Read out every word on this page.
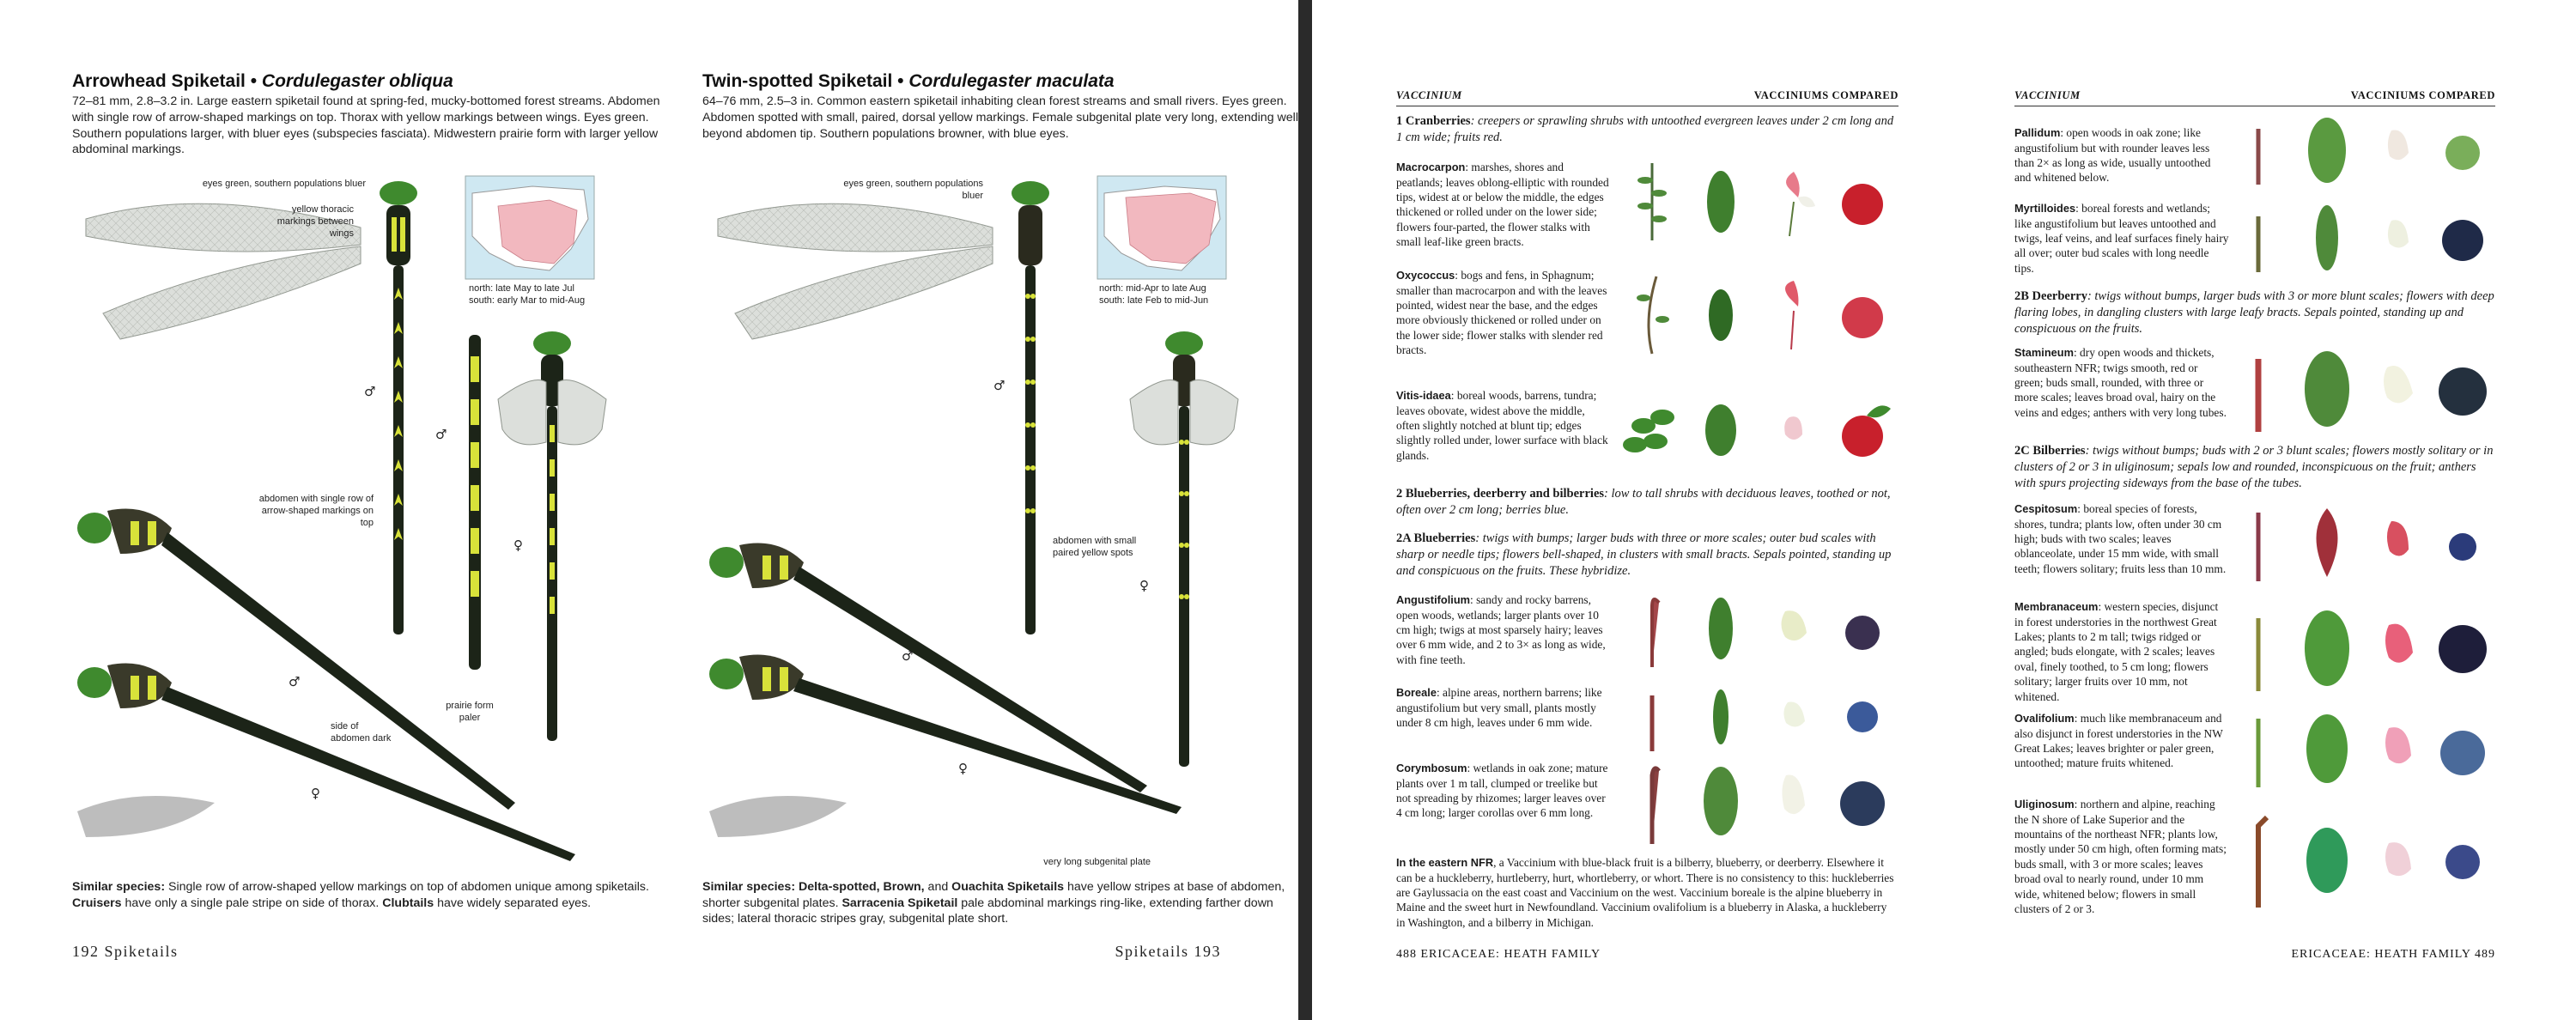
Arrowhead Spiketail • Cordulegaster obliqua
72–81 mm, 2.8–3.2 in. Large eastern spiketail found at spring-fed, mucky-bottomed forest streams. Abdomen with single row of arrow-shaped markings on top. Thorax with yellow markings between wings. Eyes green. Southern populations larger, with bluer eyes (subspecies fasciata). Midwestern prairie form with larger yellow abdominal markings.
Twin-spotted Spiketail • Cordulegaster maculata
64–76 mm, 2.5–3 in. Common eastern spiketail inhabiting clean forest streams and small rivers. Eyes green. Abdomen spotted with small, paired, dorsal yellow markings. Female subgenital plate very long, extending well beyond abdomen tip. Southern populations browner, with blue eyes.
eyes green, southern populations bluer
yellow thoracic markings between wings
north: late May to late Jul south: early Mar to mid-Aug
abdomen with single row of arrow-shaped markings on top
prairie form paler
side of abdomen dark
♂
♂
♀
♂
♀
eyes green, southern populations bluer
north: mid-Apr to late Aug south: late Feb to mid-Jun
abdomen with small paired yellow spots
very long subgenital plate
♂
♀
♂
♀
Similar species: Single row of arrow-shaped yellow markings on top of abdomen unique among spiketails. Cruisers have only a single pale stripe on side of thorax. Clubtails have widely separated eyes.
Similar species: Delta-spotted, Brown, and Ouachita Spiketails have yellow stripes at base of abdomen, shorter subgenital plates. Sarracenia Spiketail pale abdominal markings ring-like, extending farther down sides; lateral thoracic stripes gray, subgenital plate short.
192 Spiketails	Spiketails 193
VACCINIUM	VACCINIUMS COMPARED
1 Cranberries: creepers or sprawling shrubs with untoothed evergreen leaves under 2 cm long and 1 cm wide; fruits red.
Macrocarpon: marshes, shores and peatlands; leaves oblong-elliptic with rounded tips, widest at or below the middle, the edges thickened or rolled under on the lower side; flowers four-parted, the flower stalks with small leaf-like green bracts.
Oxycoccus: bogs and fens, in Sphagnum; smaller than macrocarpon and with the leaves pointed, widest near the base, and the edges more obviously thickened or rolled under on the lower side; flower stalks with slender red bracts.
Vitis-idaea: boreal woods, barrens, tundra; leaves obovate, widest above the middle, often slightly notched at blunt tip; edges slightly rolled under, lower surface with black glands.
2 Blueberries, deerberry and bilberries: low to tall shrubs with deciduous leaves, toothed or not, often over 2 cm long; berries blue.
2A Blueberries: twigs with bumps; larger buds with three or more scales; outer bud scales with sharp or needle tips; flowers bell-shaped, in clusters with small bracts. Sepals pointed, standing up and conspicuous on the fruits. These hybridize.
Angustifolium: sandy and rocky barrens, open woods, wetlands; larger plants over 10 cm high; twigs at most sparsely hairy; leaves over 6 mm wide, and 2 to 3× as long as wide, with fine teeth.
Boreale: alpine areas, northern barrens; like angustifolium but very small, plants mostly under 8 cm high, leaves under 6 mm wide.
Corymbosum: wetlands in oak zone; mature plants over 1 m tall, clumped or treelike but not spreading by rhizomes; larger leaves over 4 cm long; larger corollas over 6 mm long.
In the eastern NFR, a Vaccinium with blue-black fruit is a bilberry, blueberry, or deerberry. Elsewhere it can be a huckleberry, hurtleberry, hurt, whortleberry, or whort. There is no consistency to this: huckleberries are Gaylussacia on the east coast and Vaccinium on the west. Vaccinium boreale is the alpine blueberry in Maine and the sweet hurt in Newfoundland. Vaccinium ovalifolium is a blueberry in Alaska, a huckleberry in Washington, and a bilberry in Michigan.
488 ERICACEAE: HEATH FAMILY
VACCINIUM	VACCINIUMS COMPARED
Pallidum: open woods in oak zone; like angustifolium but with rounder leaves less than 2× as long as wide, usually untoothed and whitened below.
Myrtilloides: boreal forests and wetlands; like angustifolium but leaves untoothed and twigs, leaf veins, and leaf surfaces finely hairy all over; outer bud scales with long needle tips.
2B Deerberry: twigs without bumps, larger buds with 3 or more blunt scales; flowers with deep flaring lobes, in dangling clusters with large leafy bracts. Sepals pointed, standing up and conspicuous on the fruits.
Stamineum: dry open woods and thickets, southeastern NFR; twigs smooth, red or green; buds small, rounded, with three or more scales; leaves broad oval, hairy on the veins and edges; anthers with very long tubes.
2C Bilberries: twigs without bumps; buds with 2 or 3 blunt scales; flowers mostly solitary or in clusters of 2 or 3 in uliginosum; sepals low and rounded, inconspicuous on the fruit; anthers with spurs projecting sideways from the base of the tubes.
Cespitosum: boreal species of forests, shores, tundra; plants low, often under 30 cm high; buds with two scales; leaves oblanceolate, under 15 mm wide, with small teeth; flowers solitary; fruits less than 10 mm.
Membranaceum: western species, disjunct in forest understories in the northwest Great Lakes; plants to 2 m tall; twigs ridged or angled; buds elongate, with 2 scales; leaves oval, finely toothed, to 5 cm long; flowers solitary; larger fruits over 10 mm, not whitened.
Ovalifolium: much like membranaceum and also disjunct in forest understories in the NW Great Lakes; leaves brighter or paler green, untoothed; mature fruits whitened.
Uliginosum: northern and alpine, reaching the N shore of Lake Superior and the mountains of the northeast NFR; plants low, mostly under 50 cm high, often forming mats; buds small, with 3 or more scales; leaves broad oval to nearly round, under 10 mm wide, whitened below; flowers in small clusters of 2 or 3.
ERICACEAE: HEATH FAMILY 489
